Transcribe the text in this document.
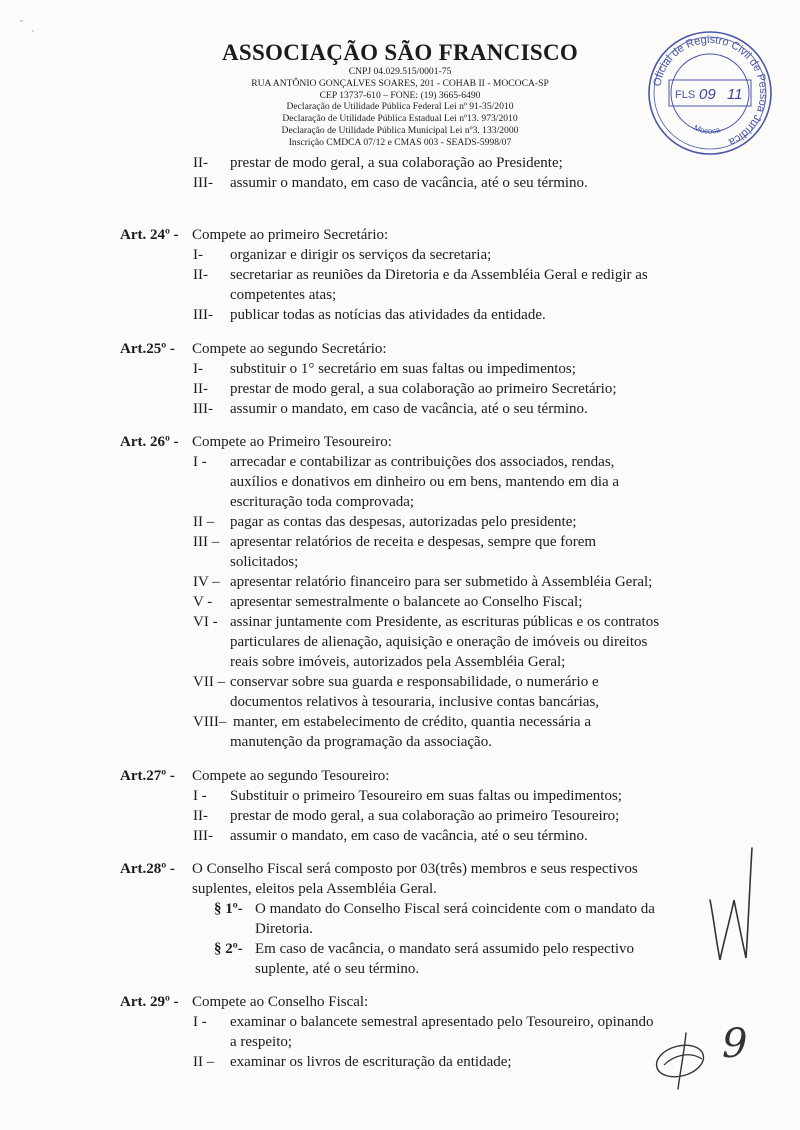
ASSOCIAÇÃO SÃO FRANCISCO
CNPJ 04.029.515/0001-75
RUA ANTÔNIO GONÇALVES SOARES, 201 - COHAB II - MOCOCA-SP
CEP 13737-610 – FONE: (19) 3665-6490
Declaração de Utilidade Pública Federal Lei nº 91-35/2010
Declaração de Utilidade Pública Estadual Lei nº13. 973/2010
Declaração de Utilidade Pública Municipal Lei nº3. 133/2000
Inscrição CMDCA 07/12 e CMAS 003 - SEADS-5998/07
Oficial de Registro Civil de Pessoa Jurídica
Mococa
FLS 09 11
II- prestar de modo geral, a sua colaboração ao Presidente;
III- assumir o mandato, em caso de vacância, até o seu término.
Art. 24º - Compete ao primeiro Secretário:
I- organizar e dirigir os serviços da secretaria;
II- secretariar as reuniões da Diretoria e da Assembléia Geral e redigir as
competentes atas;
III- publicar todas as notícias das atividades da entidade.
Art.25º - Compete ao segundo Secretário:
I- substituir o 1° secretário em suas faltas ou impedimentos;
II- prestar de modo geral, a sua colaboração ao primeiro Secretário;
III- assumir o mandato, em caso de vacância, até o seu término.
Art. 26º - Compete ao Primeiro Tesoureiro:
I - arrecadar e contabilizar as contribuições dos associados, rendas,
auxílios e donativos em dinheiro ou em bens, mantendo em dia a
escrituração toda comprovada;
II – pagar as contas das despesas, autorizadas pelo presidente;
III – apresentar relatórios de receita e despesas, sempre que forem
solicitados;
IV – apresentar relatório financeiro para ser submetido à Assembléia Geral;
V - apresentar semestralmente o balancete ao Conselho Fiscal;
VI - assinar juntamente com Presidente, as escrituras públicas e os contratos
particulares de alienação, aquisição e oneração de imóveis ou direitos
reais sobre imóveis, autorizados pela Assembléia Geral;
VII – conservar sobre sua guarda e responsabilidade, o numerário e
documentos relativos à tesouraria, inclusive contas bancárias,
VIII– manter, em estabelecimento de crédito, quantia necessária a
manutenção da programação da associação.
Art.27º - Compete ao segundo Tesoureiro:
I - Substituir o primeiro Tesoureiro em suas faltas ou impedimentos;
II- prestar de modo geral, a sua colaboração ao primeiro Tesoureiro;
III- assumir o mandato, em caso de vacância, até o seu término.
Art.28º - O Conselho Fiscal será composto por 03(três) membros e seus respectivos
suplentes, eleitos pela Assembléia Geral.
§ 1º- O mandato do Conselho Fiscal será coincidente com o mandato da
Diretoria.
§ 2º- Em caso de vacância, o mandato será assumido pelo respectivo
suplente, até o seu término.
Art. 29º - Compete ao Conselho Fiscal:
I - examinar o balancete semestral apresentado pelo Tesoureiro, opinando
a respeito;
II – examinar os livros de escrituração da entidade;	9
